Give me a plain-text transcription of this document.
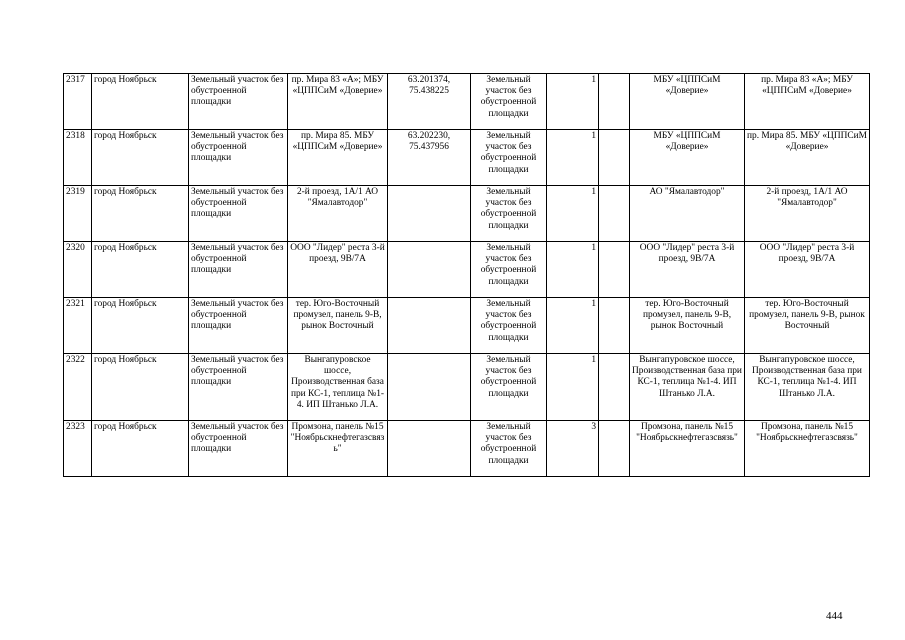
2317	город Ноябрьск	Земельный участок без обустроенной площадки	пр. Мира 83 «А»; МБУ «ЦППСиМ «Доверие»	63.201374, 75.438225	Земельный участок без обустроенной площадки	1		МБУ «ЦППСиМ «Доверие»	пр. Мира 83 «А»; МБУ «ЦППСиМ «Доверие»
2318	город Ноябрьск	Земельный участок без обустроенной площадки	пр. Мира 85. МБУ «ЦППСиМ «Доверие»	63.202230, 75.437956	Земельный участок без обустроенной площадки	1		МБУ «ЦППСиМ «Доверие»	пр. Мира 85. МБУ «ЦППСиМ «Доверие»
2319	город Ноябрьск	Земельный участок без обустроенной площадки	2-й проезд, 1А/1 АО "Ямалавтодор"		Земельный участок без обустроенной площадки	1		АО "Ямалавтодор"	2-й проезд, 1А/1 АО "Ямалавтодор"
2320	город Ноябрьск	Земельный участок без обустроенной площадки	ООО "Лидер" реста 3-й проезд, 9В/7А		Земельный участок без обустроенной площадки	1		ООО "Лидер" реста 3-й проезд, 9В/7А	ООО "Лидер" реста 3-й проезд, 9В/7А
2321	город Ноябрьск	Земельный участок без обустроенной площадки	тер. Юго-Восточный промузел, панель 9-В, рынок Восточный		Земельный участок без обустроенной площадки	1		тер. Юго-Восточный промузел, панель 9-В, рынок Восточный	тер. Юго-Восточный промузел, панель 9-В, рынок Восточный
2322	город Ноябрьск	Земельный участок без обустроенной площадки	Вынгапуровское шоссе, Производственная база при КС-1, теплица №1-4. ИП Штанько Л.А.		Земельный участок без обустроенной площадки	1		Вынгапуровское шоссе, Производственная база при КС-1, теплица №1-4. ИП Штанько Л.А.	Вынгапуровское шоссе, Производственная база при КС-1, теплица №1-4. ИП Штанько Л.А.
2323	город Ноябрьск	Земельный участок без обустроенной площадки	Промзона, панель №15 "Ноябрьскнефтегазсвязь"		Земельный участок без обустроенной площадки	3		Промзона, панель №15 "Ноябрьскнефтегазсвязь"	Промзона, панель №15 "Ноябрьскнефтегазсвязь"
444
